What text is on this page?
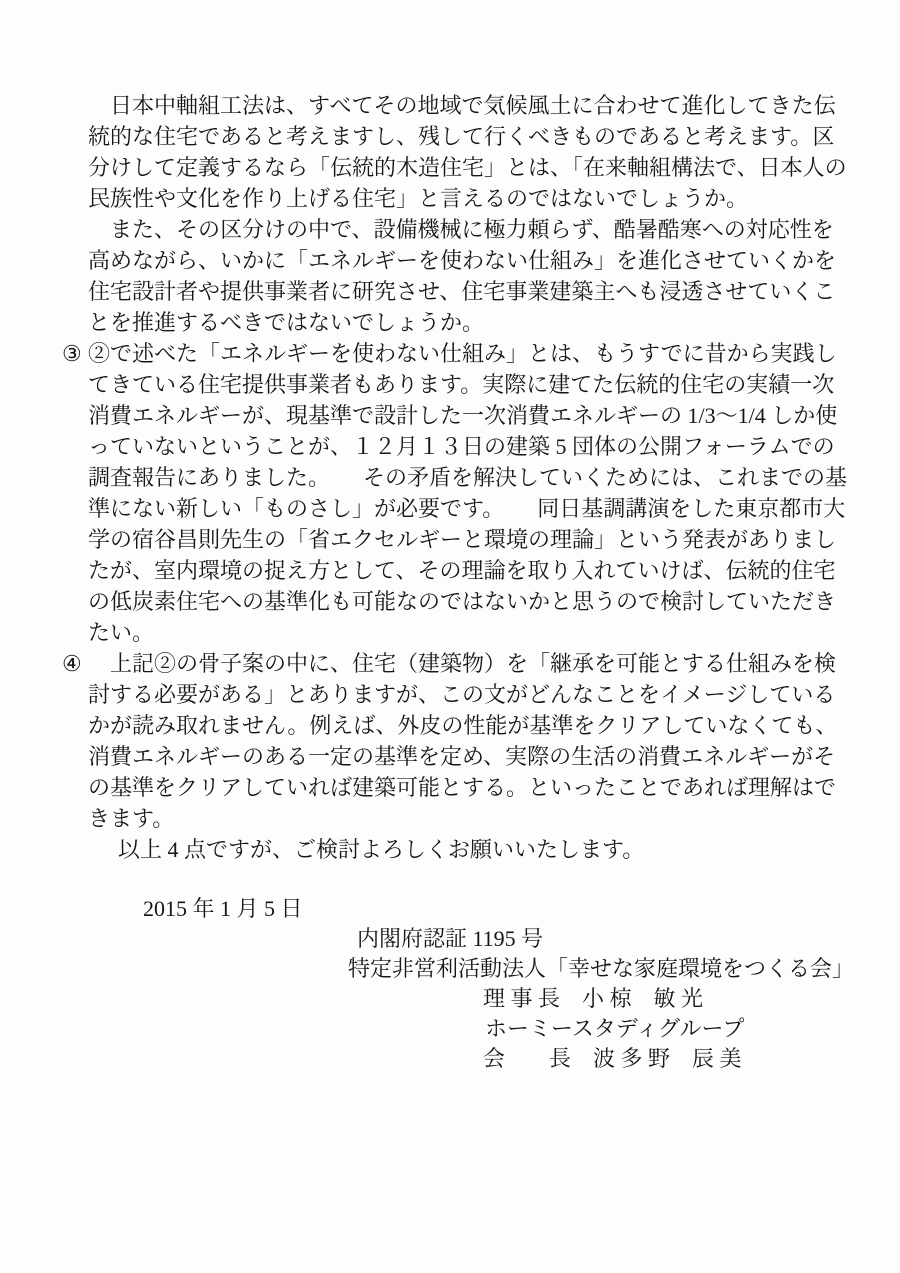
　日本中軸組工法は、すべてその地域で気候風土に合わせて進化してきた伝
統的な住宅であると考えますし、残して行くべきものであると考えます。区
分けして定義するなら「伝統的木造住宅」とは、「在来軸組構法で、日本人の
民族性や文化を作り上げる住宅」と言えるのではないでしょうか。
　また、その区分けの中で、設備機械に極力頼らず、酷暑酷寒への対応性を
高めながら、いかに「エネルギーを使わない仕組み」を進化させていくかを
住宅設計者や提供事業者に研究させ、住宅事業建築主へも浸透させていくこ
とを推進するべきではないでしょうか。
③ ②で述べた「エネルギーを使わない仕組み」とは、もうすでに昔から実践し
てきている住宅提供事業者もあります。実際に建てた伝統的住宅の実績一次
消費エネルギーが、現基準で設計した一次消費エネルギーの 1/3～1/4 しか使
っていないということが、１２月１３日の建築 5 団体の公開フォーラムでの
調査報告にありました。　　その矛盾を解決していくためには、これまでの基
準にない新しい「ものさし」が必要です。　　同日基調講演をした東京都市大
学の宿谷昌則先生の「省エクセルギーと環境の理論」という発表がありまし
たが、室内環境の捉え方として、その理論を取り入れていけば、伝統的住宅
の低炭素住宅への基準化も可能なのではないかと思うので検討していただき
たい。
④ 　上記②の骨子案の中に、住宅（建築物）を「継承を可能とする仕組みを検
討する必要がある」とありますが、この文がどんなことをイメージしている
かが読み取れません。例えば、外皮の性能が基準をクリアしていなくても、
消費エネルギーのある一定の基準を定め、実際の生活の消費エネルギーがそ
の基準をクリアしていれば建築可能とする。といったことであれば理解はで
きます。
以上 4 点ですが、ご検討よろしくお願いいたします。
2015 年 1 月 5 日
内閣府認証 1195 号
特定非営利活動法人「幸せな家庭環境をつくる会」
理 事 長　小 椋　敏 光
ホーミースタディグループ
会　　長　波 多 野　辰 美
